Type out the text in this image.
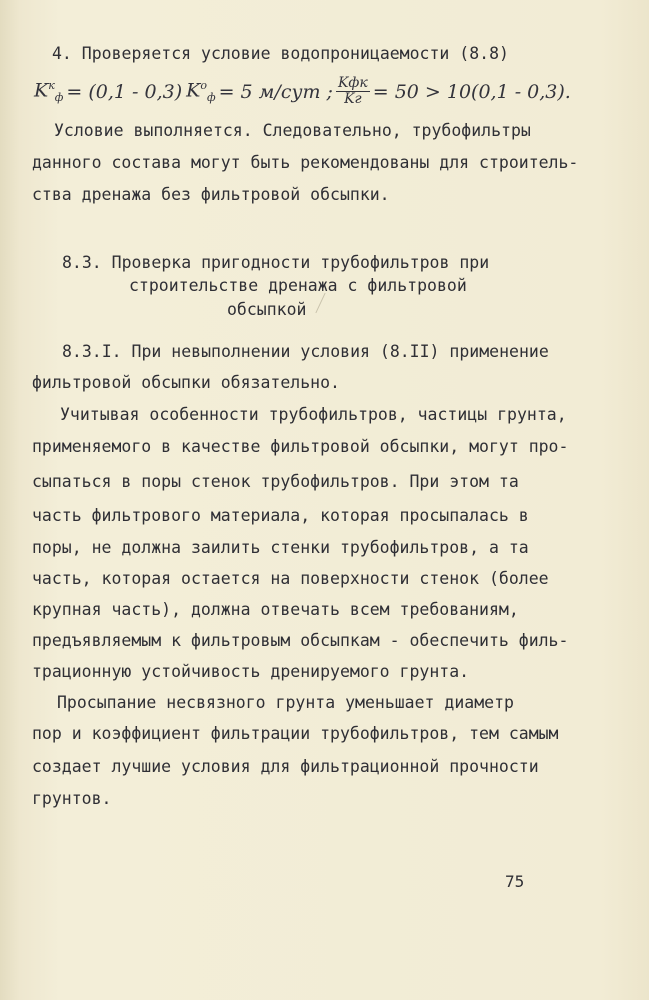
4. Проверяется условие водопроницаемости (8.8)
$K^к_ф = (0,1 - 0,3) K^о_ф = 5$ м/сут ; $\frac{\text{Kфк}}{Kг} = 50 > 10(0,1 - 0,3)$.
Условие выполняется. Следовательно, трубофильтры
данного состава могут быть рекомендованы для строитель-
ства дренажа без фильтровой обсыпки.
8.3. Проверка пригодности трубофильтров при
строительстве дренажа с фильтровой
обсыпкой
8.3.I. При невыполнении условия (8.II) применение
фильтровой обсыпки обязательно.
Учитывая особенности трубофильтров, частицы грунта,
применяемого в качестве фильтровой обсыпки, могут про-
сыпаться в поры стенок трубофильтров. При этом та
часть фильтрового материала, которая просыпалась в
поры, не должна заилить стенки трубофильтров, а та
часть, которая остается на поверхности стенок (более
крупная часть), должна отвечать всем требованиям,
предъявляемым к фильтровым обсыпкам - обеспечить филь-
трационную устойчивость дренируемого грунта.
Просыпание несвязного грунта уменьшает диаметр
пор и коэффициент фильтрации трубофильтров, тем самым
создает лучшие условия для фильтрационной прочности
грунтов.
75
